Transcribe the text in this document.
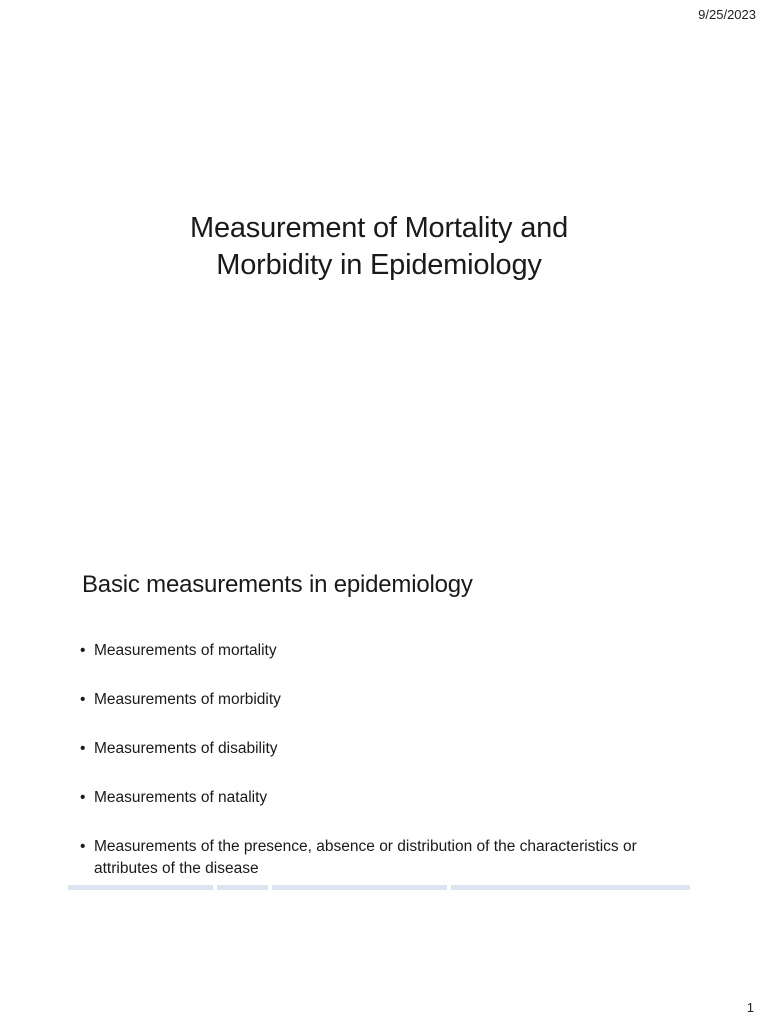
9/25/2023
Measurement of Mortality and
Morbidity in Epidemiology
Basic measurements in epidemiology
• Measurements of mortality
• Measurements of morbidity
• Measurements of disability
• Measurements of natality
• Measurements of the presence, absence or distribution of the characteristics or attributes of the disease
1
